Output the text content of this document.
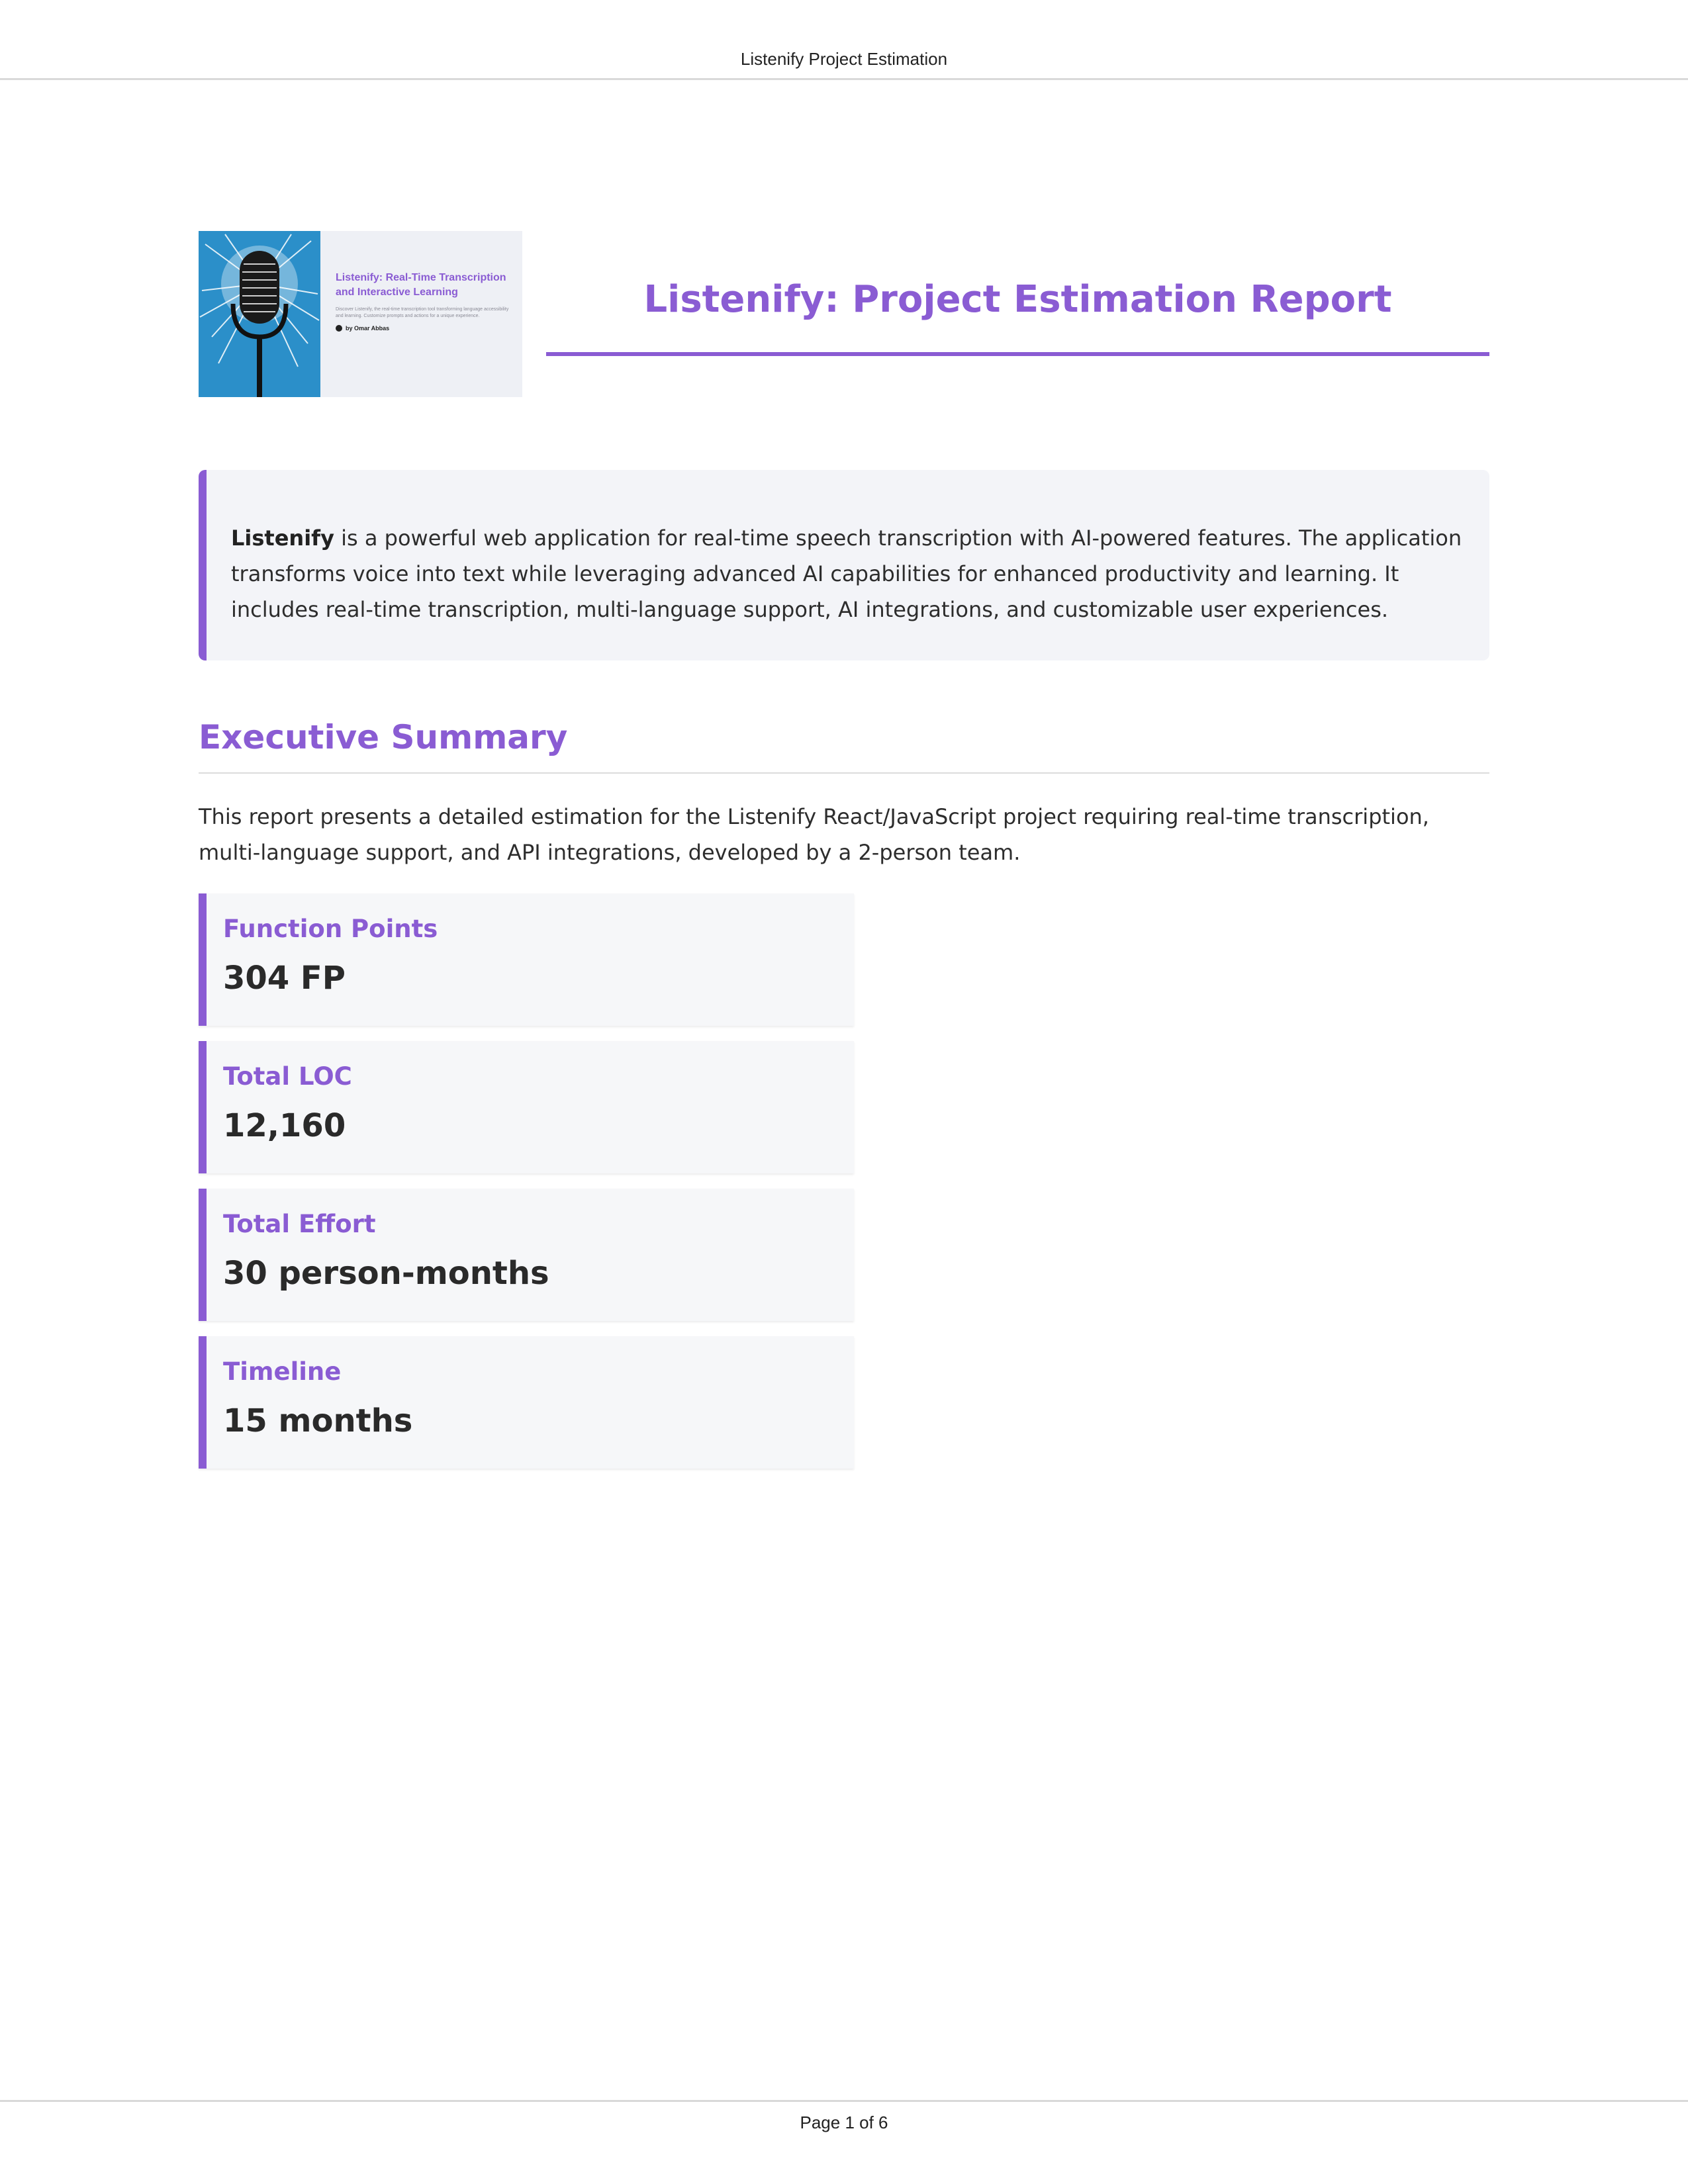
Listenify Project Estimation

Listenify: Real-Time Transcription and Interactive Learning

Discover Listenify, the real-time transcription tool transforming language accessibility and learning. Customize prompts and actions for a unique experience.

by Omar Abbas
Listenify: Project Estimation Report

Listenify is a powerful web application for real-time speech transcription with AI-powered features. The application transforms voice into text while leveraging advanced AI capabilities for enhanced productivity and learning. It includes real-time transcription, multi-language support, AI integrations, and customizable user experiences.

Executive Summary

This report presents a detailed estimation for the Listenify React/JavaScript project requiring real-time transcription, multi-language support, and API integrations, developed by a 2-person team.

Function Points
304 FP
Total LOC
12,160
Total Effort
30 person-months
Timeline
15 months
Page 1 of 6
